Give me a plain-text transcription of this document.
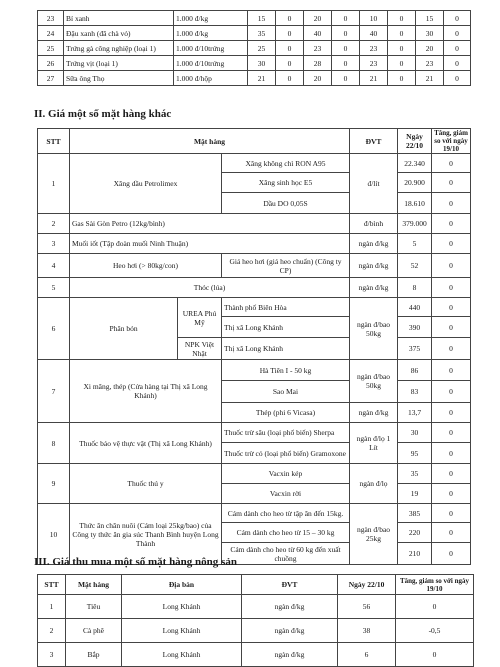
23	Bí xanh	1.000 đ/kg	15	0	20	0	10	0	15	0
24	Đậu xanh (đã chà vỏ)	1.000 đ/kg	35	0	40	0	40	0	30	0
25	Trứng gà công nghiệp (loại 1)	1.000 đ/10trứng	25	0	23	0	23	0	20	0
26	Trứng vịt (loại 1)	1.000 đ/10trứng	30	0	28	0	23	0	23	0
27	Sữa ông Thọ	1.000 đ/hộp	21	0	20	0	21	0	21	0
II. Giá một số mặt hàng khác
STT	Mặt hàng			ĐVT	Ngày 22/10	Tăng, giảm so với ngày 19/10
1	Xăng dầu Petrolimex		Xăng không chì RON A95	đ/lít	22.340	0
			Xăng sinh học E5		20.900	0
			Dầu DO 0,05S		18.610	0
2	Gas Sài Gòn Petro (12kg/bình)			đ/bình	379.000	0
3	Muối iốt (Tập đoàn muối Ninh Thuận)			ngàn đ/kg	5	0
4	Heo hơi (> 80kg/con)		Giá heo hơi (giá heo chuẩn) (Công ty CP)	ngàn đ/kg	52	0
5	Thóc (lúa)			ngàn đ/kg	8	0
6	Phân bón	UREA Phú Mỹ	Thành phố Biên Hòa	ngàn đ/bao 50kg	440	0
			Thị xã Long Khánh		390	0
		NPK Việt Nhật	Thị xã Long Khánh		375	0
7	Xi măng, thép (Cửa hàng tại Thị xã Long Khánh)		Hà Tiên I - 50 kg	ngàn đ/bao 50kg	86	0
			Sao Mai		83	0
			Thép (phi 6 Vicasa)	ngàn đ/kg	13,7	0
8	Thuốc bảo vệ thực vật (Thị xã Long Khánh)		Thuốc trừ sâu (loại phổ biến) Sherpa	ngàn đ/lọ 1 Lít	30	0
			Thuốc trừ cỏ (loại phổ biến) Gramoxone		95	0
9	Thuốc thú y		Vacxin kép	ngàn đ/lọ	35	0
			Vacxin rời		19	0
10	Thức ăn chăn nuôi (Cám loại 25kg/bao) của Công ty thức ăn gia súc Thanh Bình huyện Long Thành		Cám dành cho heo từ tập ăn đến 15kg.	ngàn đ/bao 25kg	385	0
			Cám dành cho heo từ 15 – 30 kg		220	0
			Cám dành cho heo từ 60 kg đến xuất chuồng		210	0
III. Giá thu mua một số mặt hàng nông sản
STT	Mặt hàng	Địa bàn	ĐVT	Ngày 22/10	Tăng, giảm so với ngày 19/10
1	Tiêu	Long Khánh	ngàn đ/kg	56	0
2	Cà phê	Long Khánh	ngàn đ/kg	38	-0,5
3	Bắp	Long Khánh	ngàn đ/kg	6	0
